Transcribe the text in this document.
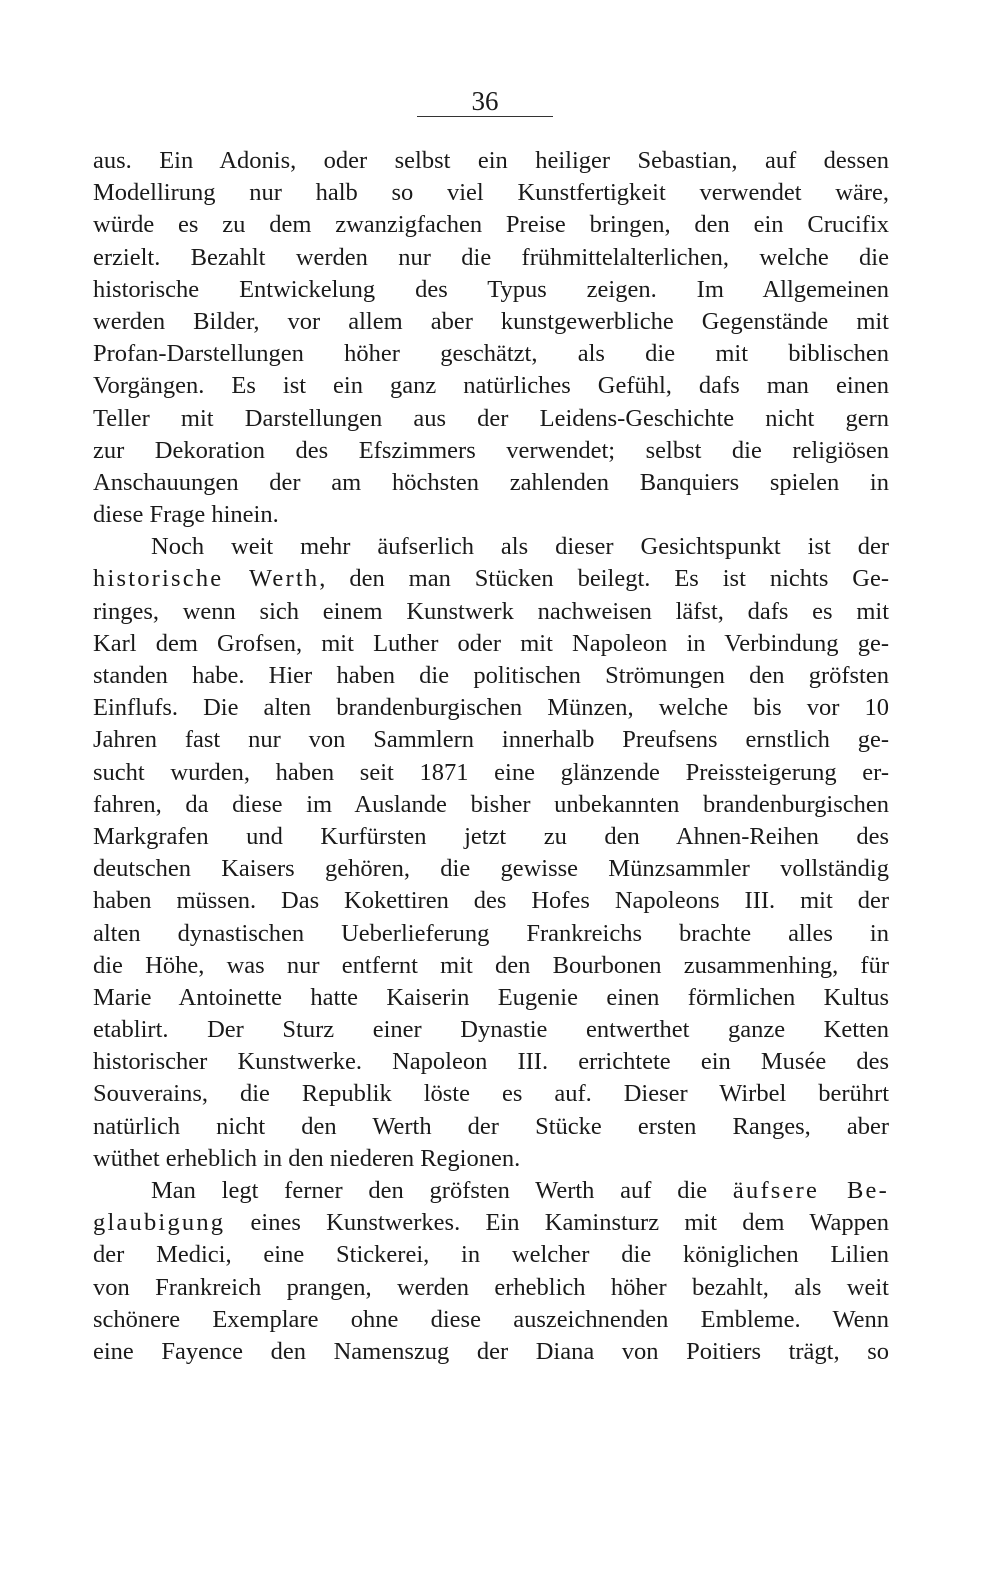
36
aus. Ein Adonis, oder selbst ein heiliger Sebastian, auf dessen
Modellirung nur halb so viel Kunstfertigkeit verwendet wäre,
würde es zu dem zwanzigfachen Preise bringen, den ein Crucifix
erzielt. Bezahlt werden nur die frühmittelalterlichen, welche die
historische Entwickelung des Typus zeigen. Im Allgemeinen
werden Bilder, vor allem aber kunstgewerbliche Gegenstände mit
Profan-Darstellungen höher geschätzt, als die mit biblischen
Vorgängen. Es ist ein ganz natürliches Gefühl, dafs man einen
Teller mit Darstellungen aus der Leidens-Geschichte nicht gern
zur Dekoration des Efszimmers verwendet; selbst die religiösen
Anschauungen der am höchsten zahlenden Banquiers spielen in
diese Frage hinein.
Noch weit mehr äufserlich als dieser Gesichtspunkt ist der
historische Werth, den man Stücken beilegt. Es ist nichts Ge-
ringes, wenn sich einem Kunstwerk nachweisen läfst, dafs es mit
Karl dem Grofsen, mit Luther oder mit Napoleon in Verbindung ge-
standen habe. Hier haben die politischen Strömungen den gröfsten
Einflufs. Die alten brandenburgischen Münzen, welche bis vor 10
Jahren fast nur von Sammlern innerhalb Preufsens ernstlich ge-
sucht wurden, haben seit 1871 eine glänzende Preissteigerung er-
fahren, da diese im Auslande bisher unbekannten brandenburgischen
Markgrafen und Kurfürsten jetzt zu den Ahnen-Reihen des
deutschen Kaisers gehören, die gewisse Münzsammler vollständig
haben müssen. Das Kokettiren des Hofes Napoleons III. mit der
alten dynastischen Ueberlieferung Frankreichs brachte alles in
die Höhe, was nur entfernt mit den Bourbonen zusammenhing, für
Marie Antoinette hatte Kaiserin Eugenie einen förmlichen Kultus
etablirt. Der Sturz einer Dynastie entwerthet ganze Ketten
historischer Kunstwerke. Napoleon III. errichtete ein Musée des
Souverains, die Republik löste es auf. Dieser Wirbel berührt
natürlich nicht den Werth der Stücke ersten Ranges, aber
wüthet erheblich in den niederen Regionen.
Man legt ferner den gröfsten Werth auf die äufsere Be-
glaubigung eines Kunstwerkes. Ein Kaminsturz mit dem Wappen
der Medici, eine Stickerei, in welcher die königlichen Lilien
von Frankreich prangen, werden erheblich höher bezahlt, als weit
schönere Exemplare ohne diese auszeichnenden Embleme. Wenn
eine Fayence den Namenszug der Diana von Poitiers trägt, so
